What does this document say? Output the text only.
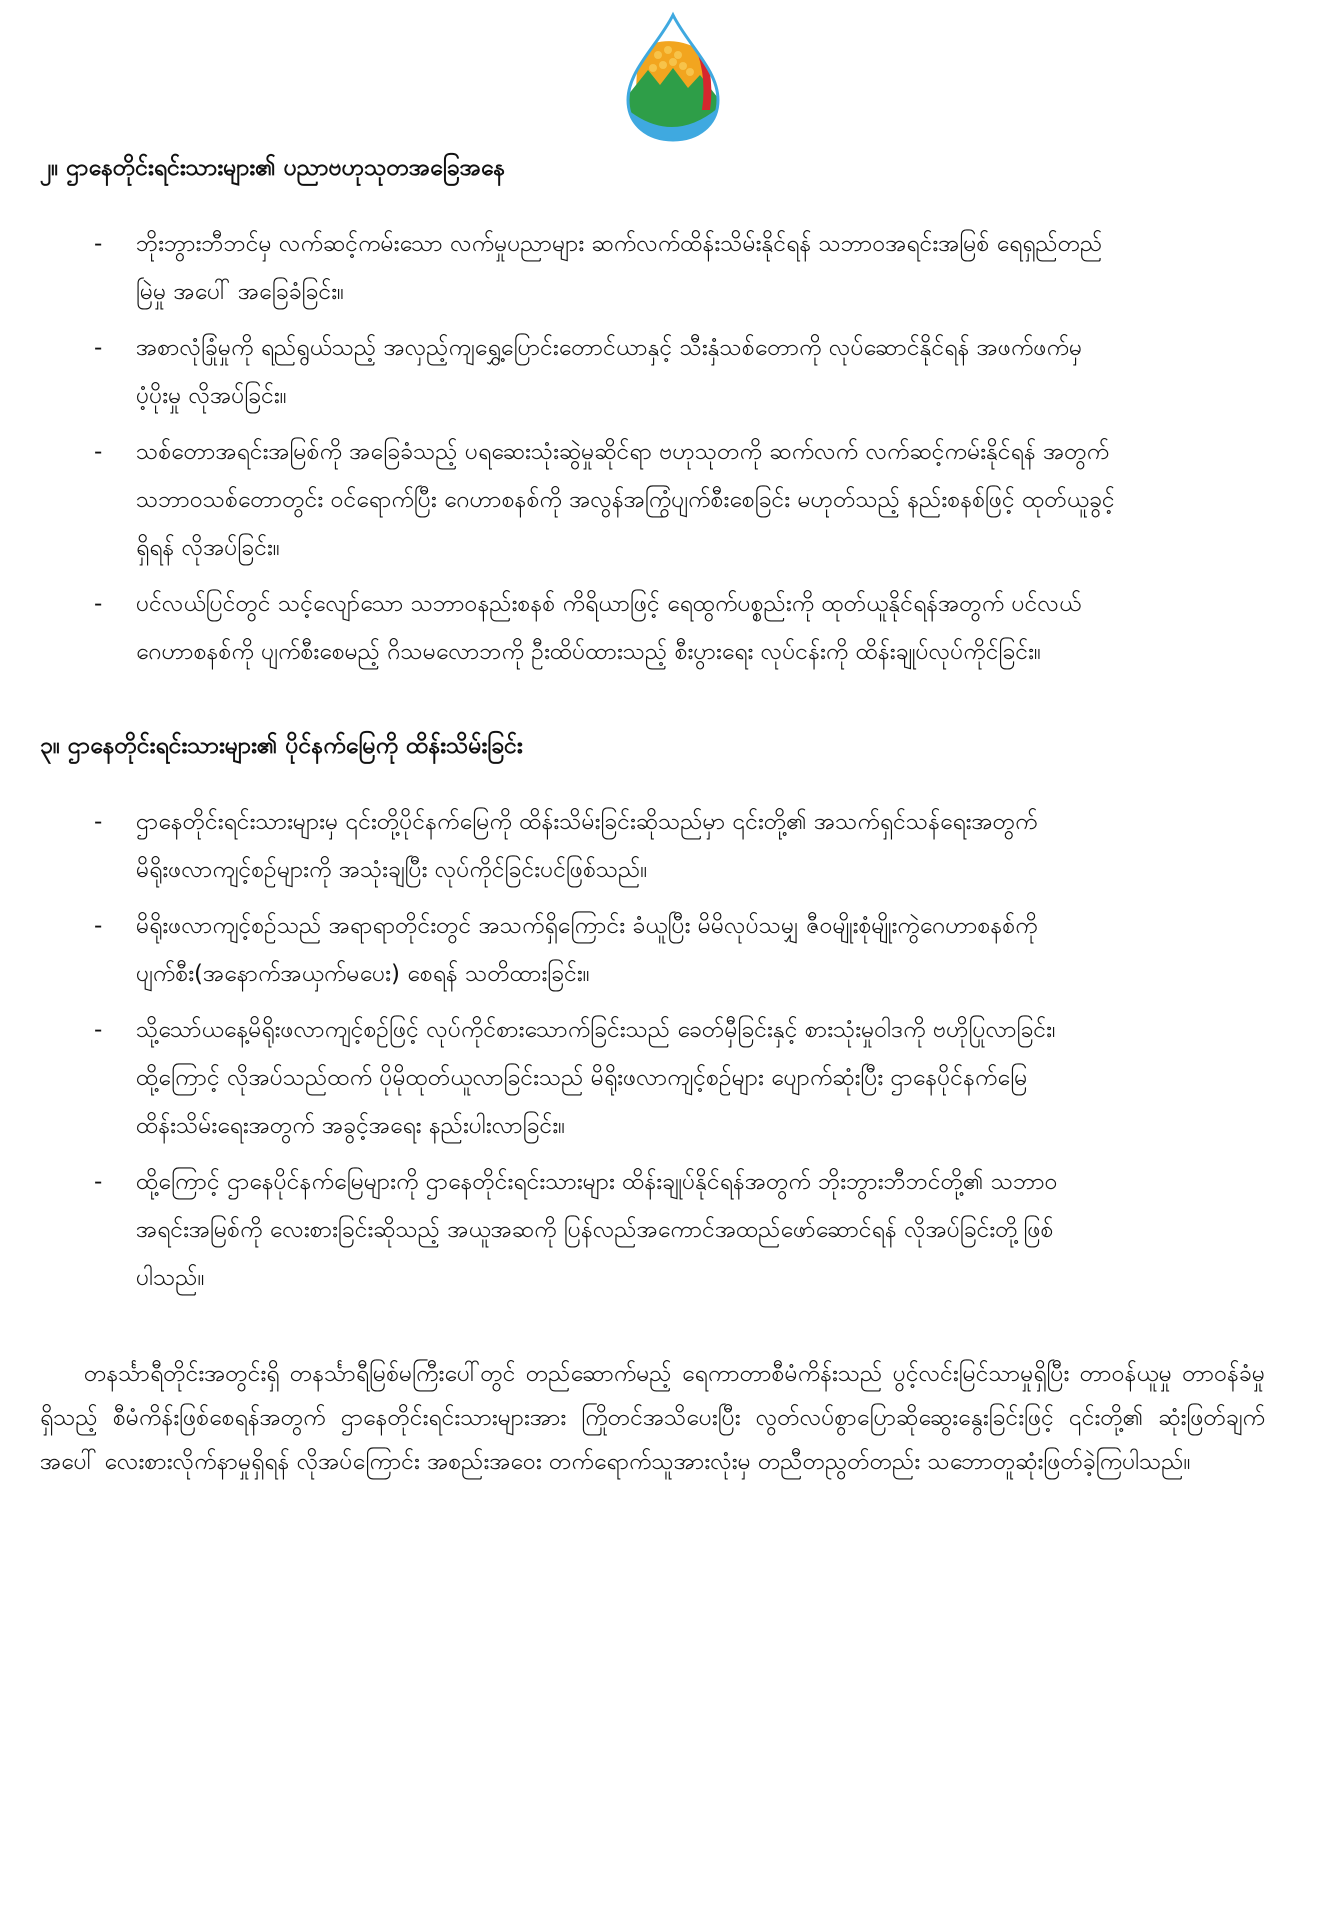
၂။ ဌာနေတိုင်းရင်းသားများ၏ ပညာဗဟုသုတအခြေအနေ
-	ဘိုးဘွားဘီဘင်မှ လက်ဆင့်ကမ်းသော လက်မှုပညာများ ဆက်လက်ထိန်းသိမ်းနိုင်ရန် သဘာဝအရင်းအမြစ် ရေရှည်တည်မြဲမှု အပေါ် အခြေခံခြင်း။
-	အစာလုံခြုံမှုကို ရည်ရွယ်သည့် အလှည့်ကျရွှေ့ပြောင်းတောင်ယာနှင့် သီးနှံသစ်တောကို လုပ်ဆောင်နိုင်ရန် အဖက်ဖက်မှ ပံ့ပိုးမှု လိုအပ်ခြင်း။
-	သစ်တောအရင်းအမြစ်ကို အခြေခံသည့် ပရဆေးသုံးဆွဲမှုဆိုင်ရာ ဗဟုသုတကို ဆက်လက် လက်ဆင့်ကမ်းနိုင်ရန် အတွက် သဘာဝသစ်တောတွင်း ဝင်ရောက်ပြီး ဂေဟာစနစ်ကို အလွန်အကြွံပျက်စီးစေခြင်း မဟုတ်သည့် နည်းစနစ်ဖြင့် ထုတ်ယူခွင့် ရှိရန် လိုအပ်ခြင်း။
-	ပင်လယ်ပြင်တွင် သင့်လျော်သော သဘာဝနည်းစနစ် ကိရိယာဖြင့် ရေထွက်ပစ္စည်းကို ထုတ်ယူနိုင်ရန်အတွက် ပင်လယ်ဂေဟာစနစ်ကို ပျက်စီးစေမည့် ဂိသမလောဘကို ဦးထိပ်ထားသည့် စီးပွားရေး လုပ်ငန်းကို ထိန်းချုပ်လုပ်ကိုင်ခြင်း။
၃။ ဌာနေတိုင်းရင်းသားများ၏ ပိုင်နက်မြေကို ထိန်းသိမ်းခြင်း
-	ဌာနေတိုင်းရင်းသားများမှ ၎င်းတို့ပိုင်နက်မြေကို ထိန်းသိမ်းခြင်းဆိုသည်မှာ ၎င်းတို့၏ အသက်ရှင်သန်ရေးအတွက် မိရိုးဖလာကျင့်စဉ်များကို အသုံးချပြီး လုပ်ကိုင်ခြင်းပင်ဖြစ်သည်။
-	မိရိုးဖလာကျင့်စဉ်သည် အရာရာတိုင်းတွင် အသက်ရှိကြောင်း ခံယူပြီး မိမိလုပ်သမျှ ဇီဝမျိုးစုံမျိုးကွဲဂေဟာစနစ်ကို ပျက်စီး(အနောက်အယှက်မပေး) စေရန် သတိထားခြင်း။
-	သို့သော်ယနေ့မိရိုးဖလာကျင့်စဉ်ဖြင့် လုပ်ကိုင်စားသောက်ခြင်းသည် ခေတ်မှီခြင်းနှင့် စားသုံးမှုဝါဒကို ဗဟိုပြုလာခြင်း၊ ထို့ကြောင့် လိုအပ်သည်ထက် ပိုမိုထုတ်ယူလာခြင်းသည် မိရိုးဖလာကျင့်စဉ်များ ပျောက်ဆုံးပြီး ဌာနေပိုင်နက်မြေ ထိန်းသိမ်းရေးအတွက် အခွင့်အရေး နည်းပါးလာခြင်း။
-	ထို့ကြောင့် ဌာနေပိုင်နက်မြေများကို ဌာနေတိုင်းရင်းသားများ ထိန်းချုပ်နိုင်ရန်အတွက် ဘိုးဘွားဘီဘင်တို့၏ သဘာဝအရင်းအမြစ်ကို လေးစားခြင်းဆိုသည့် အယူအဆကို ပြန်လည်အကောင်အထည်ဖော်ဆောင်ရန် လိုအပ်ခြင်းတို့ဖြစ်ပါသည်။

တနင်္သာရီတိုင်းအတွင်းရှိ တနင်္သာရီမြစ်မကြီးပေါ်တွင် တည်ဆောက်မည့် ရေကာတာစီမံကိန်းသည် ပွင့်လင်းမြင်သာမှုရှိပြီး တာဝန်ယူမှု တာဝန်ခံမှု ရှိသည့် စီမံကိန်းဖြစ်စေရန်အတွက် ဌာနေတိုင်းရင်းသားများအား ကြိုတင်အသိပေးပြီး လွတ်လပ်စွာပြောဆိုဆွေးနွေးခြင်းဖြင့် ၎င်းတို့၏ ဆုံးဖြတ်ချက်အပေါ် လေးစားလိုက်နာမှုရှိရန် လိုအပ်ကြောင်း အစည်းအဝေး တက်ရောက်သူအားလုံးမှ တညီတညွတ်တည်း သဘောတူဆုံးဖြတ်ခဲ့ကြပါသည်။
